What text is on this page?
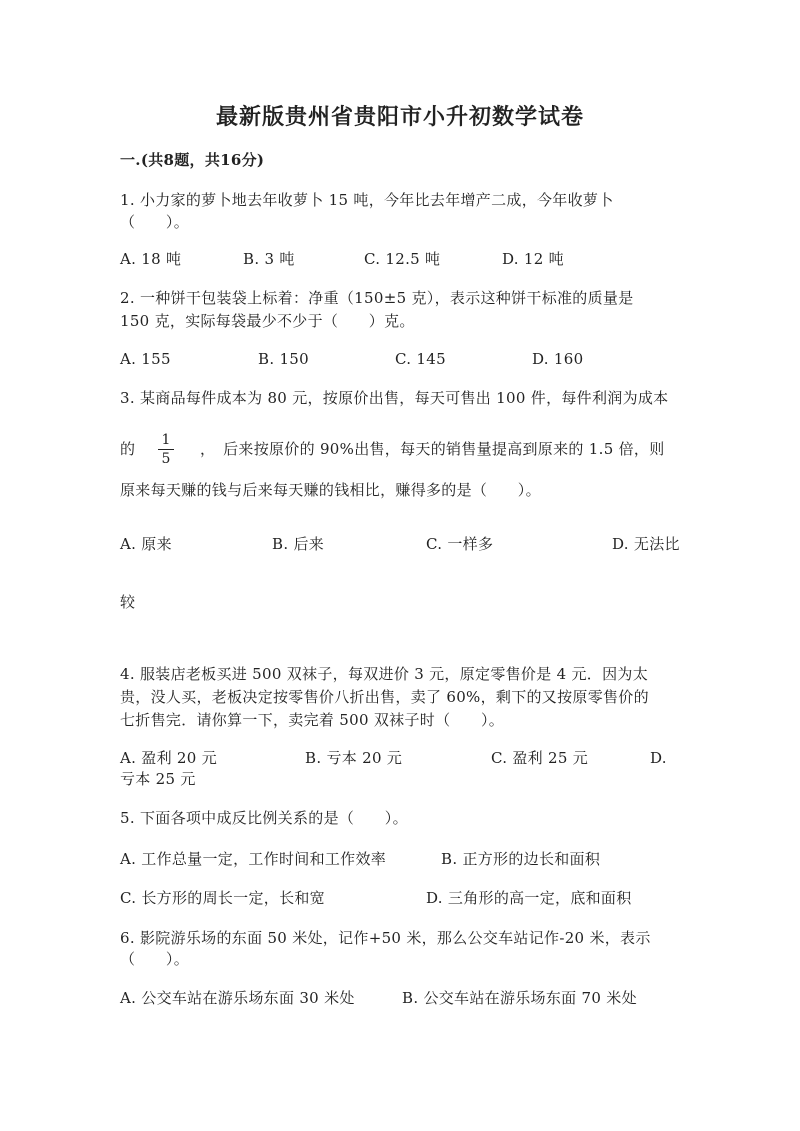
最新版贵州省贵阳市小升初数学试卷
一.(共8题，共16分)
1. 小力家的萝卜地去年收萝卜 15 吨，今年比去年增产二成，今年收萝卜
（　　）。
A. 18 吨	B. 3 吨	C. 12.5 吨	D. 12 吨
2. 一种饼干包装袋上标着：净重（150±5 克），表示这种饼干标准的质量是
150 克，实际每袋最少不少于（　　）克。
A. 155	B. 150	C. 145	D. 160
3. 某商品每件成本为 80 元，按原价出售，每天可售出 100 件，每件利润为成本
的	1
5
，　后来按原价的 90%出售，每天的销售量提高到原来的 1.5 倍，则
原来每天赚的钱与后来每天赚的钱相比，赚得多的是（　　）。
A. 原来	B. 后来	C. 一样多	D. 无法比
较
4. 服装店老板买进 500 双袜子，每双进价 3 元，原定零售价是 4 元．因为太
贵，没人买，老板决定按零售价八折出售，卖了 60%，剩下的又按原零售价的
七折售完．请你算一下，卖完着 500 双袜子时（　　）。
A. 盈利 20 元	B. 亏本 20 元	C. 盈利 25 元	D.
亏本 25 元
5. 下面各项中成反比例关系的是（　　）。
A. 工作总量一定，工作时间和工作效率	B. 正方形的边长和面积
C. 长方形的周长一定，长和宽	D. 三角形的高一定，底和面积
6. 影院游乐场的东面 50 米处，记作+50 米，那么公交车站记作-20 米，表示
（　　）。
A. 公交车站在游乐场东面 30 米处	B. 公交车站在游乐场东面 70 米处
